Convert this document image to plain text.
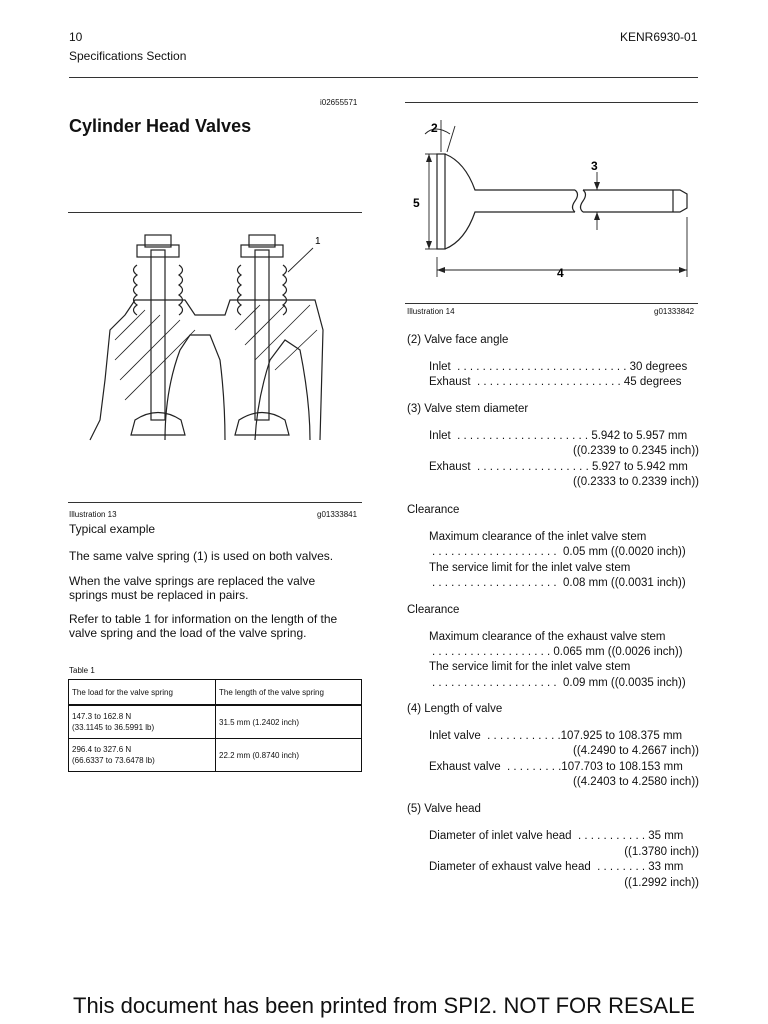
10	KENR6930-01
Specifications Section
i02655571
Cylinder Head Valves
1
Illustration 13	g01333841
Typical example
The same valve spring (1) is used on both valves.
When the valve springs are replaced the valve
springs must be replaced in pairs.
Refer to table 1 for information on the length of the
valve spring and the load of the valve spring.
Table 1
The load for the valve spring	The length of the valve spring

147.3 to 162.8 N
(33.1145 to 36.5991 lb)	31.5 mm (1.2402 inch)

296.4 to 327.6 N
(66.6337 to 73.6478 lb)	22.2 mm (0.8740 inch)
2
3
4
5
Illustration 14	g01333842
(2) Valve face angle
Inlet  . . . . . . . . . . . . . . . . . . . . . . . . . . . 30 degrees
Exhaust  . . . . . . . . . . . . . . . . . . . . . . . 45 degrees
(3) Valve stem diameter
Inlet  . . . . . . . . . . . . . . . . . . . . . 5.942 to 5.957 mm
((0.2339 to 0.2345 inch))
Exhaust  . . . . . . . . . . . . . . . . . . 5.927 to 5.942 mm
((0.2333 to 0.2339 inch))
Clearance
Maximum clearance of the inlet valve stem
. . . . . . . . . . . . . . . . . . . .  0.05 mm ((0.0020 inch))
The service limit for the inlet valve stem
. . . . . . . . . . . . . . . . . . . .  0.08 mm ((0.0031 inch))
Clearance
Maximum clearance of the exhaust valve stem
. . . . . . . . . . . . . . . . . . . 0.065 mm ((0.0026 inch))
The service limit for the inlet valve stem
. . . . . . . . . . . . . . . . . . . .  0.09 mm ((0.0035 inch))
(4) Length of valve
Inlet valve  . . . . . . . . . . . .107.925 to 108.375 mm
((4.2490 to 4.2667 inch))
Exhaust valve  . . . . . . . . .107.703 to 108.153 mm
((4.2403 to 4.2580 inch))
(5) Valve head
Diameter of inlet valve head  . . . . . . . . . . . 35 mm
((1.3780 inch))
Diameter of exhaust valve head  . . . . . . . . 33 mm
((1.2992 inch))
This document has been printed from SPI2. NOT FOR RESALE
